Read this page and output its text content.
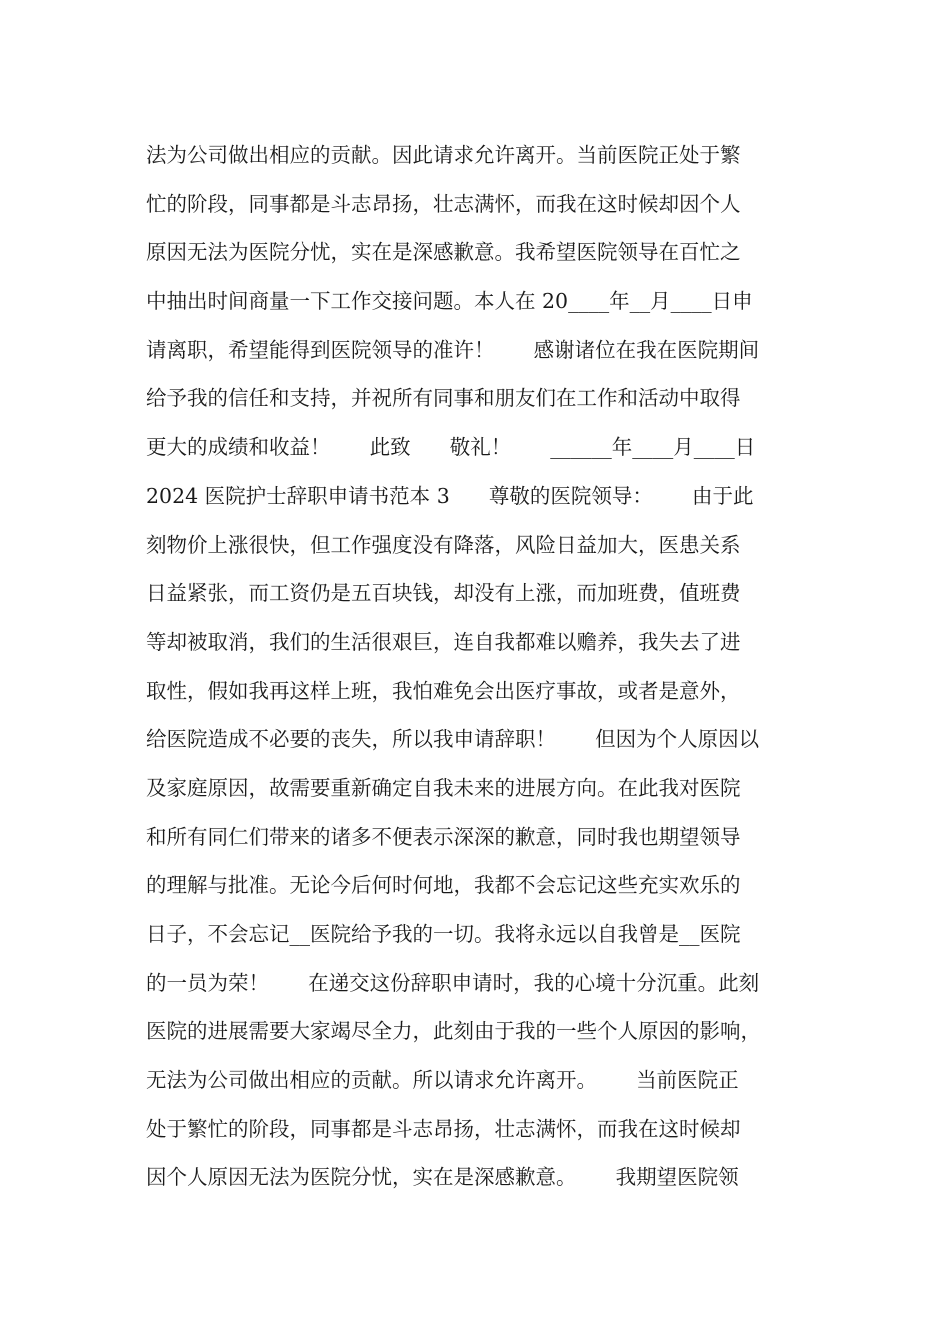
法为公司做出相应的贡献。因此请求允许离开。当前医院正处于繁
忙的阶段，同事都是斗志昂扬，壮志满怀，而我在这时候却因个人
原因无法为医院分忧，实在是深感歉意。我希望医院领导在百忙之
中抽出时间商量一下工作交接问题。本人在 20____年__月____日申
请离职，希望能得到医院领导的准许！      感谢诸位在我在医院期间
给予我的信任和支持，并祝所有同事和朋友们在工作和活动中取得
更大的成绩和收益！      此致      敬礼！      ______年____月____日
2024 医院护士辞职申请书范本 3      尊敬的医院领导：      由于此
刻物价上涨很快，但工作强度没有降落，风险日益加大，医患关系
日益紧张，而工资仍是五百块钱，却没有上涨，而加班费，值班费
等却被取消，我们的生活很艰巨，连自我都难以赡养，我失去了进
取性，假如我再这样上班，我怕难免会出医疗事故，或者是意外，
给医院造成不必要的丧失，所以我申请辞职！      但因为个人原因以
及家庭原因，故需要重新确定自我未来的进展方向。在此我对医院
和所有同仁们带来的诸多不便表示深深的歉意，同时我也期望领导
的理解与批准。无论今后何时何地，我都不会忘记这些充实欢乐的
日子，不会忘记__医院给予我的一切。我将永远以自我曾是__医院
的一员为荣！      在递交这份辞职申请时，我的心境十分沉重。此刻
医院的进展需要大家竭尽全力，此刻由于我的一些个人原因的影响，
无法为公司做出相应的贡献。所以请求允许离开。      当前医院正
处于繁忙的阶段，同事都是斗志昂扬，壮志满怀，而我在这时候却
因个人原因无法为医院分忧，实在是深感歉意。      我期望医院领
